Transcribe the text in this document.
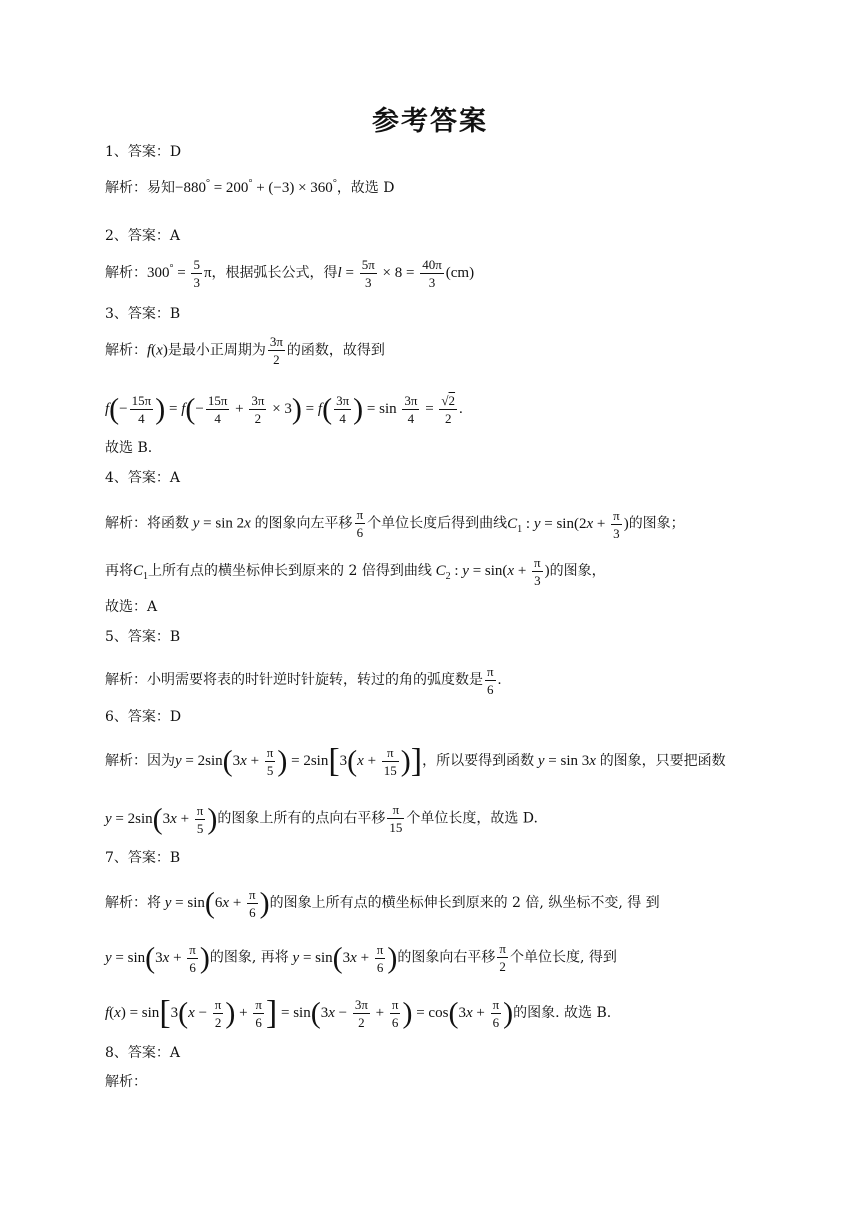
参考答案
1、答案：D
解析：易知−880° = 200° + (−3) × 360°，故选 D
2、答案：A
解析：$300^\circ = \frac{5}{3}$ π，根据弧长公式，得$l = \frac{5\pi}{3} \times 8 = \frac{40\pi}{3} (cm)$
3、答案：B
解析：f(x)是最小正周期为 $\frac{3\pi}{2}$ 的函数，故得到
$f(- \frac{15\pi}{4}$ ) = $f(- \frac{15\pi}{4} + \frac{3\pi}{2} \times 3) = f( \frac{3\pi}{4}$ ) = $\sin \frac{3\pi}{4} = \frac{√2}{2}$ .
故选 B.
4、答案：A
解析：将函数 y = sin 2x 的图象向左平移 $\frac{\pi}{6}$ 个单位长度后得到曲线$C_1$ : $y = \sin(2x + \frac{\pi}{3}$ )的图象；
再将$C_1$上所有点的横坐标伸长到原来的 2 倍得到曲线 $C_2$ : $y = \sin(x + \frac{\pi}{3}$ )的图象，
故选：A
5、答案：B
解析：小明需要将表的时针逆时针旋转，转过的角的弧度数是 $\frac{\pi}{6}$ .
6、答案：D
解析：因为$y = 2\sin(3x + \frac{\pi}{5}$ ) = $2\sin[3(x + \frac{\pi}{15}$ )]，所以要得到函数 y = sin 3x 的图象，只要把函数
$y = 2\sin(3x + \frac{\pi}{5}$ )的图象上所有的点向右平移 $\frac{\pi}{15}$ 个单位长度，故选 D.
7、答案：B
解析：将 $y = \sin(6x + \frac{\pi}{6}$ )的图象上所有点的横坐标伸长到原来的 2 倍, 纵坐标不变, 得 到
$y = \sin(3x + \frac{\pi}{6}$ )的图象, 再将 $y = \sin(3x + \frac{\pi}{6}$ )的图象向右平移 $\frac{\pi}{2}$ 个单位长度, 得到
$f(x) = \sin[3(x - \frac{\pi}{2}$ ) + $\frac{\pi}{6}$ ] = $\sin(3x - \frac{3\pi}{2} + \frac{\pi}{6}$ ) = $\cos(3x + \frac{\pi}{6}$ )的图象. 故选 B.
8、答案：A
解析：
